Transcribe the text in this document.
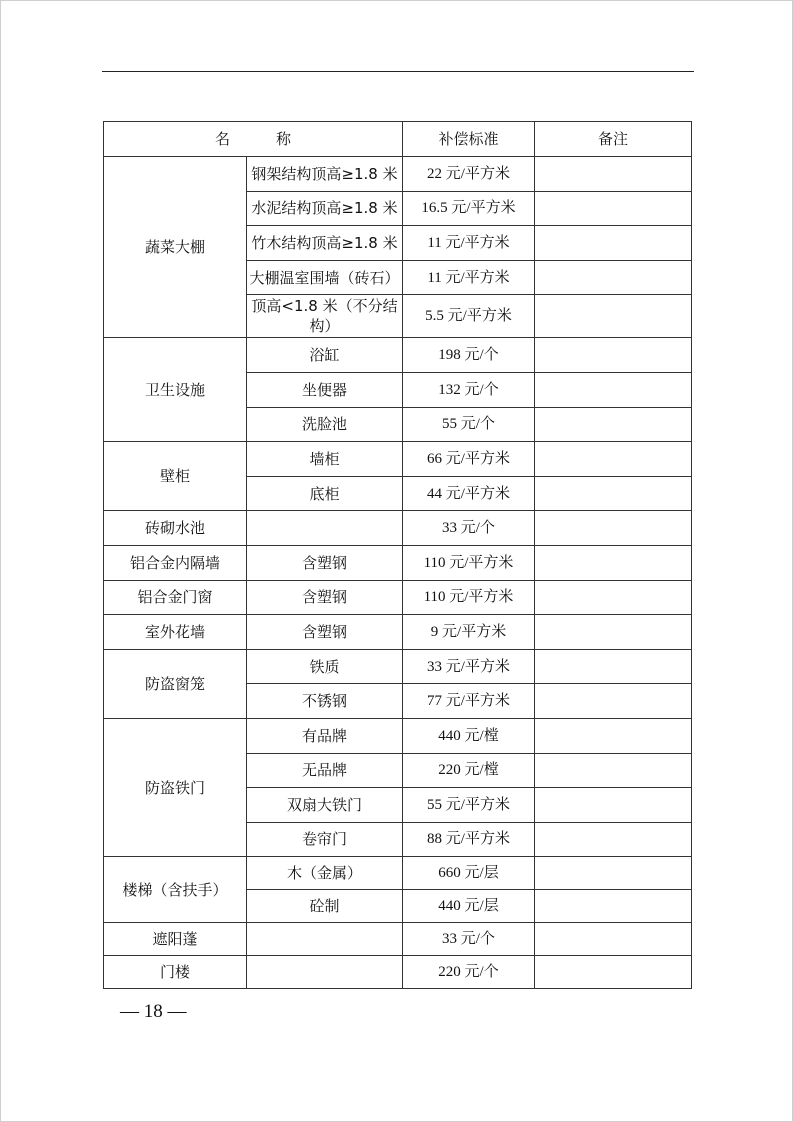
名 称		补偿标准	备注
蔬菜大棚	钢架结构顶高≥1.8 米	22 元/平方米	
	水泥结构顶高≥1.8 米	16.5 元/平方米	
	竹木结构顶高≥1.8 米	11 元/平方米	
	大棚温室围墙（砖石）	11 元/平方米	
	顶高<1.8 米（不分结构）	5.5 元/平方米	
卫生设施	浴缸	198 元/个	
	坐便器	132 元/个	
	洗脸池	55 元/个	
壁柜	墙柜	66 元/平方米	
	底柜	44 元/平方米	
砖砌水池		33 元/个	
铝合金内隔墙	含塑钢	110 元/平方米	
铝合金门窗	含塑钢	110 元/平方米	
室外花墙	含塑钢	9 元/平方米	
防盗窗笼	铁质	33 元/平方米	
	不锈钢	77 元/平方米	
防盗铁门	有品牌	440 元/樘	
	无品牌	220 元/樘	
	双扇大铁门	55 元/平方米	
	卷帘门	88 元/平方米	
楼梯（含扶手）	木（金属）	660 元/层	
	砼制	440 元/层	
遮阳蓬		33 元/个	
门楼		220 元/个	
— 18 —
